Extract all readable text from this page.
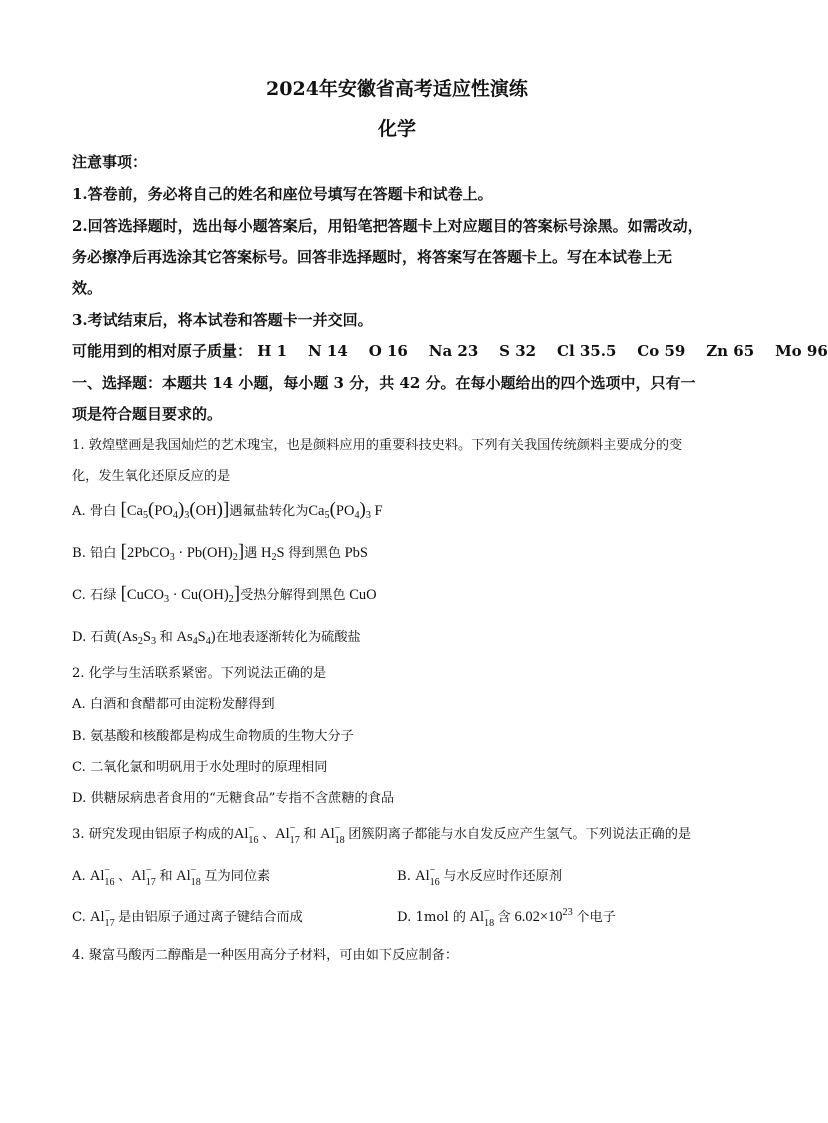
2024年安徽省高考适应性演练
化学
注意事项：
1.答卷前，务必将自己的姓名和座位号填写在答题卡和试卷上。
2.回答选择题时，选出每小题答案后，用铅笔把答题卡上对应题目的答案标号涂黑。如需改动，
务必擦净后再选涂其它答案标号。回答非选择题时，将答案写在答题卡上。写在本试卷上无
效。
3.考试结束后，将本试卷和答题卡一并交回。
可能用到的相对原子质量： H 1 N 14 O 16 Na 23 S 32 Cl 35.5 Co 59 Zn 65 Mo 96
一、选择题：本题共 14 小题，每小题 3 分，共 42 分。在每小题给出的四个选项中，只有一
项是符合题目要求的。
1. 敦煌壁画是我国灿烂的艺术瑰宝，也是颜料应用的重要科技史料。下列有关我国传统颜料主要成分的变
化，发生氧化还原反应的是
A. 骨白 $[Ca_5(PO_4)_3(OH)]$遇氟盐转化为$Ca_5(PO_4)_3$ F
B. 铅白 [2PbCO$_3$ · $Pb(OH)_2$]遇 $H_2S$ 得到黑色 PbS
C. 石绿 [CuCO$_3$ · $Cu(OH)_2$]受热分解得到黑色 CuO
D. 石黄($As_2S_3$ 和 $As_4S_4$)在地表逐渐转化为硫酸盐
2. 化学与生活联系紧密。下列说法正确的是
A. 白酒和食醋都可由淀粉发酵得到
B. 氨基酸和核酸都是构成生命物质的生物大分子
C. 二氧化氯和明矾用于水处理时的原理相同
D. 供糖尿病患者食用的“无糖食品”专指不含蔗糖的食品
3. 研究发现由铝原子构成的Al −
16 、Al −
17 和 Al −
18 团簇阴离子都能与水自发反应产生氢气。下列说法正确的是
A. Al −
16 、Al −
17 和 Al −
18 互为同位素	B. Al −
16 与水反应时作还原剂
C. Al −
17 是由铝原子通过离子键结合而成	D. 1mol 的 Al −
18 含 $6.02\times 10^{23}$ 个电子
4. 聚富马酸丙二醇酯是一种医用高分子材料，可由如下反应制备：
